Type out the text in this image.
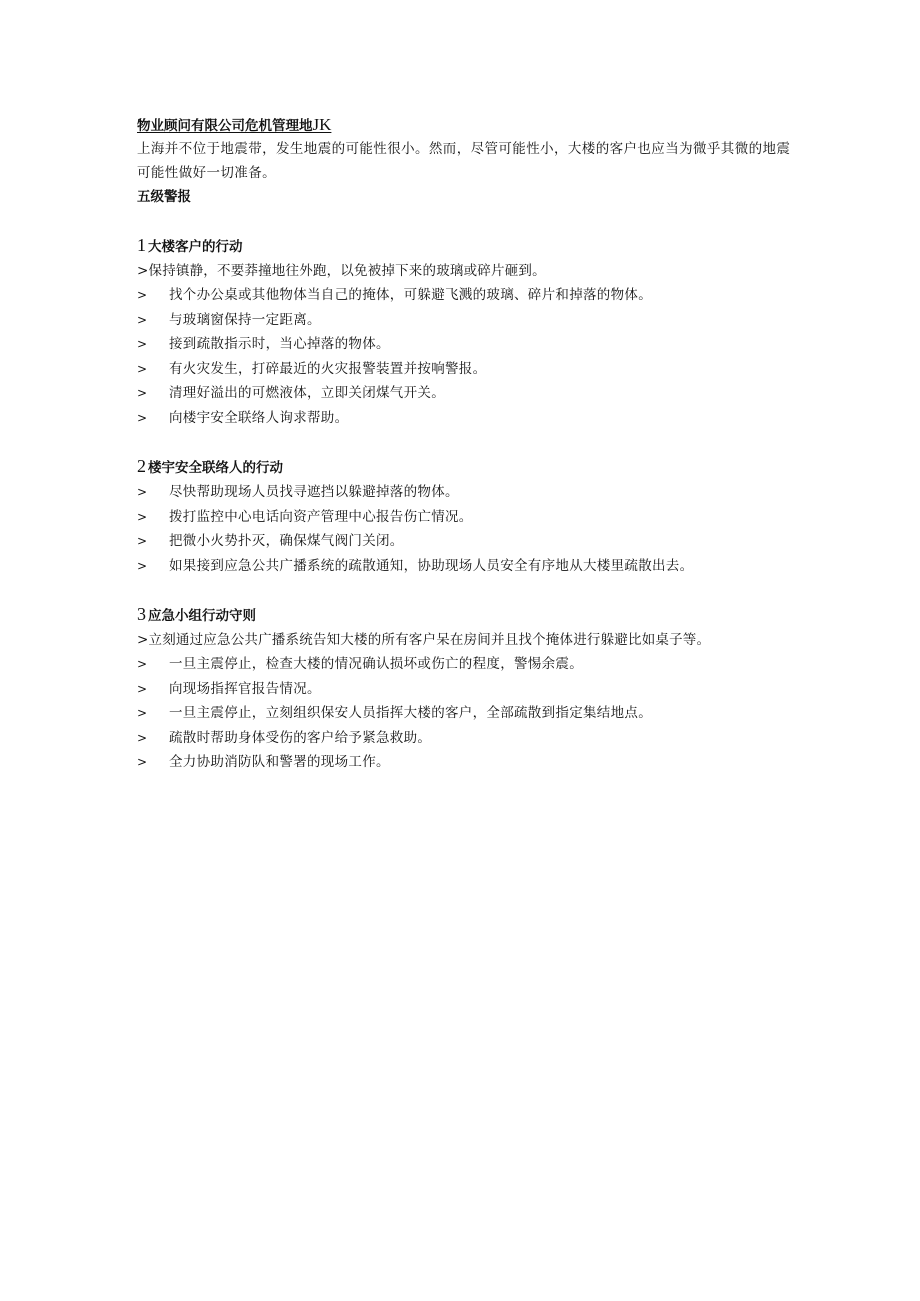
物业顾问有限公司危机管理地JK
上海并不位于地震带，发生地震的可能性很小。然而，尽管可能性小，大楼的客户也应当为微乎其微的地震可能性做好一切准备。
五级警报
1 大楼客户的行动
>保持镇静，不要莽撞地往外跑，以免被掉下来的玻璃或碎片砸到。
>	找个办公桌或其他物体当自己的掩体，可躲避飞溅的玻璃、碎片和掉落的物体。
>	与玻璃窗保持一定距离。
>	接到疏散指示时，当心掉落的物体。
>	有火灾发生，打碎最近的火灾报警装置并按响警报。
>	清理好溢出的可燃液体，立即关闭煤气开关。
>	向楼宇安全联络人询求帮助。
2 楼宇安全联络人的行动
>	尽快帮助现场人员找寻遮挡以躲避掉落的物体。
>	拨打监控中心电话向资产管理中心报告伤亡情况。
>	把微小火势扑灭，确保煤气阀门关闭。
>	如果接到应急公共广播系统的疏散通知，协助现场人员安全有序地从大楼里疏散出去。
3 应急小组行动守则
>立刻通过应急公共广播系统告知大楼的所有客户呆在房间并且找个掩体进行躲避比如桌子等。
>	一旦主震停止，检查大楼的情况确认损坏或伤亡的程度，警惕余震。
>	向现场指挥官报告情况。
>	一旦主震停止，立刻组织保安人员指挥大楼的客户，全部疏散到指定集结地点。
>	疏散时帮助身体受伤的客户给予紧急救助。
>	全力协助消防队和警署的现场工作。
